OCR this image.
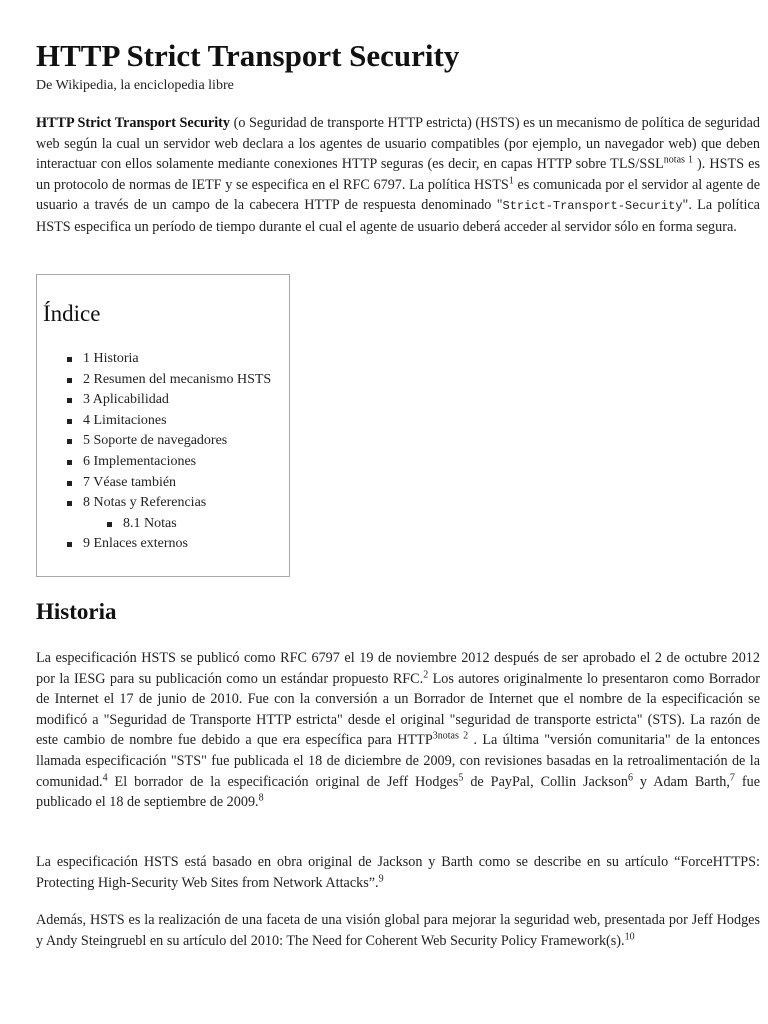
HTTP Strict Transport Security

De Wikipedia, la enciclopedia libre

HTTP Strict Transport Security (o Seguridad de transporte HTTP estricta) (HSTS) es un mecanismo de política de seguridad web según la cual un servidor web declara a los agentes de usuario compatibles (por ejemplo, un navegador web) que deben interactuar con ellos solamente mediante conexiones HTTP seguras (es decir, en capas HTTP sobre TLS/$SSL^{notas 1}$ ). HSTS es un protocolo de normas de IETF y se especifica en el RFC 6797. La política HSTS$^1$ es comunicada por el servidor al agente de usuario a través de un campo de la cabecera HTTP de respuesta denominado "Strict-Transport-Security". La política HSTS especifica un período de tiempo durante el cual el agente de usuario deberá acceder al servidor sólo en forma segura.

Índice
1 Historia
2 Resumen del mecanismo HSTS
3 Aplicabilidad
4 Limitaciones
5 Soporte de navegadores
6 Implementaciones
7 Véase también
8 Notas y Referencias
8.1 Notas
9 Enlaces externos
Historia

La especificación HSTS se publicó como RFC 6797 el 19 de noviembre 2012 después de ser aprobado el 2 de octubre 2012 por la IESG para su publicación como un estándar propuesto RFC.$^2$ Los autores originalmente lo presentaron como Borrador de Internet el 17 de junio de 2010. Fue con la conversión a un Borrador de Internet que el nombre de la especificación se modificó a "Seguridad de Transporte HTTP estricta" desde el original "seguridad de transporte estricta" (STS). La razón de este cambio de nombre fue debido a que era específica para $HTTP^{3notas 2}$ . La última "versión comunitaria" de la entonces llamada especificación "STS" fue publicada el 18 de diciembre de 2009, con revisiones basadas en la retroalimentación de la comunidad.$^4$ El borrador de la especificación original de Jeff Hodges$^5$ de PayPal, Collin Jackson$^6$ y Adam Barth,$^7$ fue publicado el 18 de septiembre de 2009.$^8$

La especificación HSTS está basado en obra original de Jackson y Barth como se describe en su artículo “ForceHTTPS: Protecting High-Security Web Sites from Network Attacks”.$^9$

Además, HSTS es la realización de una faceta de una visión global para mejorar la seguridad web, presentada por Jeff Hodges y Andy Steingruebl en su artículo del 2010: The Need for Coherent Web Security Policy Framework(s).$^{10}$
